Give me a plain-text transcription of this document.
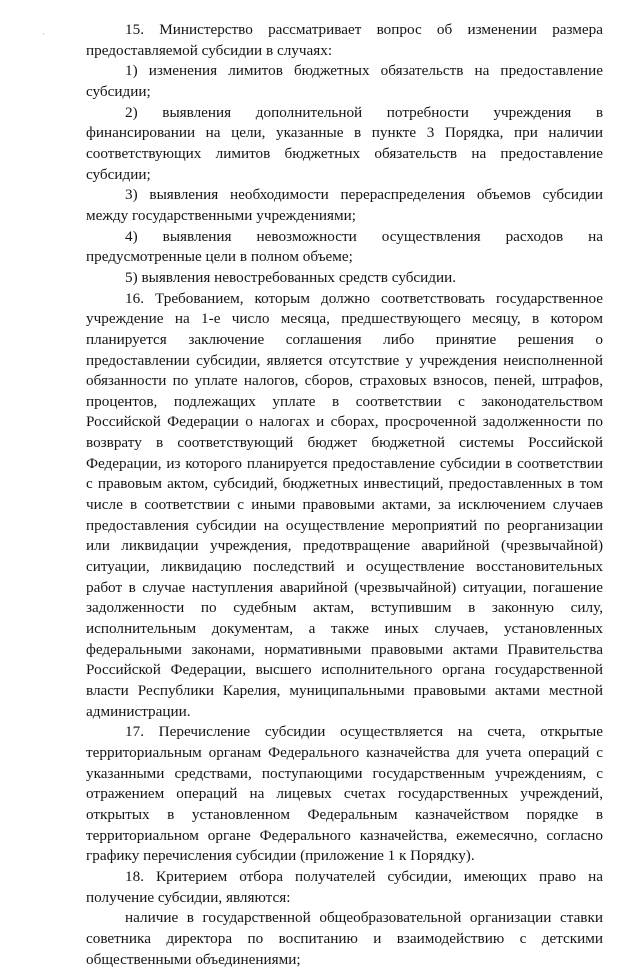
·	15. Министерство рассматривает вопрос об изменении размера предоставляемой субсидии в случаях:

1) изменения лимитов бюджетных обязательств на предоставление субсидии;

2) выявления дополнительной потребности учреждения в финансировании на цели, указанные в пункте 3 Порядка, при наличии соответствующих лимитов бюджетных обязательств на предоставление субсидии;

3) выявления необходимости перераспределения объемов субсидии между государственными учреждениями;

4) выявления невозможности осуществления расходов на предусмотренные цели в полном объеме;

5) выявления невостребованных средств субсидии.

16. Требованием, которым должно соответствовать государственное учреждение на 1-е число месяца, предшествующего месяцу, в котором планируется заключение соглашения либо принятие решения о предоставлении субсидии, является отсутствие у учреждения неисполненной обязанности по уплате налогов, сборов, страховых взносов, пеней, штрафов, процентов, подлежащих уплате в соответствии с законодательством Российской Федерации о налогах и сборах, просроченной задолженности по возврату в соответствующий бюджет бюджетной системы Российской Федерации, из которого планируется предоставление субсидии в соответствии с правовым актом, субсидий, бюджетных инвестиций, предоставленных в том числе в соответствии с иными правовыми актами, за исключением случаев предоставления субсидии на осуществление мероприятий по реорганизации или ликвидации учреждения, предотвращение аварийной (чрезвычайной) ситуации, ликвидацию последствий и осуществление восстановительных работ в случае наступления аварийной (чрезвычайной) ситуации, погашение задолженности по судебным актам, вступившим в законную силу, исполнительным документам, а также иных случаев, установленных федеральными законами, нормативными правовыми актами Правительства Российской Федерации, высшего исполнительного органа государственной власти Республики Карелия, муниципальными правовыми актами местной администрации.

17. Перечисление субсидии осуществляется на счета, открытые территориальным органам Федерального казначейства для учета операций с указанными средствами, поступающими государственным учреждениям, с отражением операций на лицевых счетах государственных учреждений, открытых в установленном Федеральным казначейством порядке в территориальном органе Федерального казначейства, ежемесячно, согласно графику перечисления субсидии (приложение 1 к Порядку).

18. Критерием отбора получателей субсидии, имеющих право на получение субсидии, являются:

наличие в государственной общеобразовательной организации ставки советника директора по воспитанию и взаимодействию с детскими общественными объединениями;
